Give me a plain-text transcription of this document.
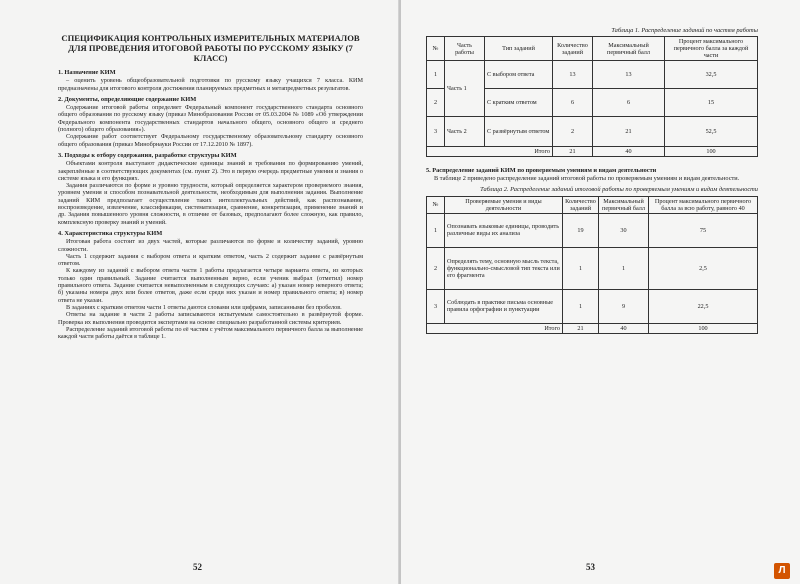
СПЕЦИФИКАЦИЯ КОНТРОЛЬНЫХ ИЗМЕРИТЕЛЬНЫХ МАТЕРИАЛОВ ДЛЯ ПРОВЕДЕНИЯ ИТОГОВОЙ РАБОТЫ ПО РУССКОМУ ЯЗЫКУ (7 КЛАСС)
1. Назначение КИМ

– оценить уровень общеобразовательной подготовки по русскому языку учащихся 7 класса. КИМ предназначены для итогового контроля достижения планируемых предметных и метапредметных результатов.

2. Документы, определяющие содержание КИМ

Содержание итоговой работы определяет Федеральный компонент государственного стандарта основного общего образования по русскому языку (приказ Минобразования России от 05.03.2004 № 1089 «Об утверждении Федерального компонента государственных стандартов начального общего, основного общего и среднего (полного) общего образования»).

Содержание работ соответствует Федеральному государственному образовательному стандарту основного общего образования (приказ Минобрнауки России от 17.12.2010 № 1897).

3. Подходы к отбору содержания, разработке структуры КИМ

Объектами контроля выступают дидактические единицы знаний и требования по формированию умений, закреплённые в соответствующих документах (см. пункт 2). Это в первую очередь предметные умения и знания о системе языка и его функциях.

Задания различаются по форме и уровню трудности, который определяется характером проверяемого знания, уровнем умения и способом познавательной деятельности, необходимым для выполнения задания. Выполнение заданий КИМ предполагает осуществление таких интеллектуальных действий, как распознавание, воспроизведение, извлечение, классификация, систематизация, сравнение, конкретизация, применение знаний и др. Задания повышенного уровня сложности, в отличие от базовых, предполагают более сложную, как правило, комплексную проверку знаний и умений.

4. Характеристика структуры КИМ

Итоговая работа состоит из двух частей, которые различаются по форме и количеству заданий, уровню сложности.

Часть 1 содержит задания с выбором ответа и кратким ответом, часть 2 содержит задание с развёрнутым ответом.

К каждому из заданий с выбором ответа части 1 работы предлагается четыре варианта ответа, из которых только один правильный. Задание считается выполненным верно, если ученик выбрал (отметил) номер правильного ответа. Задание считается невыполненным в следующих случаях: а) указан номер неверного ответа; б) указаны номера двух или более ответов, даже если среди них указан и номер правильного ответа; в) номер ответа не указан.

В заданиях с кратким ответом части 1 ответы даются словами или цифрами, записанными без пробелов.

Ответы на задание в части 2 работы записываются испытуемым самостоятельно в развёрнутой форме. Проверка их выполнения проводится экспертами на основе специально разработанной системы критериев.

Распределение заданий итоговой работы по её частям с учётом максимального первичного балла за выполнение каждой части работы даётся в таблице 1.

52
Таблица 1. Распределение заданий по частям работы
№	Часть работы	Тип заданий	Количество заданий	Максимальный первичный балл	Процент максимального первичного балла за каждой части
1	Часть 1	С выбором ответа	13	13	32,5
2		С кратким ответом	6	6	15
3	Часть 2	С развёрнутым ответом	2	21	52,5
Итого			21	40	100
5. Распределение заданий КИМ по проверяемым умениям и видам деятельности
В таблице 2 приведено распределение заданий итоговой работы по проверяемым умениям и видам деятельности.
Таблица 2. Распределение заданий итоговой работы по проверяемым умениям и видам деятельности
№	Проверяемые умения и виды деятельности	Количество заданий	Максимальный первичный балл	Процент максимального первичного балла за всю работу, равного 40
1	Опознавать языковые единицы, проводить различные виды их анализа	19	30	75
2	Определять тему, основную мысль текста, функционально-смысловой тип текста или его фрагмента	1	1	2,5
3	Соблюдать в практике письма основные правила орфографии и пунктуации	1	9	22,5
Итого		21	40	100
53	Л
